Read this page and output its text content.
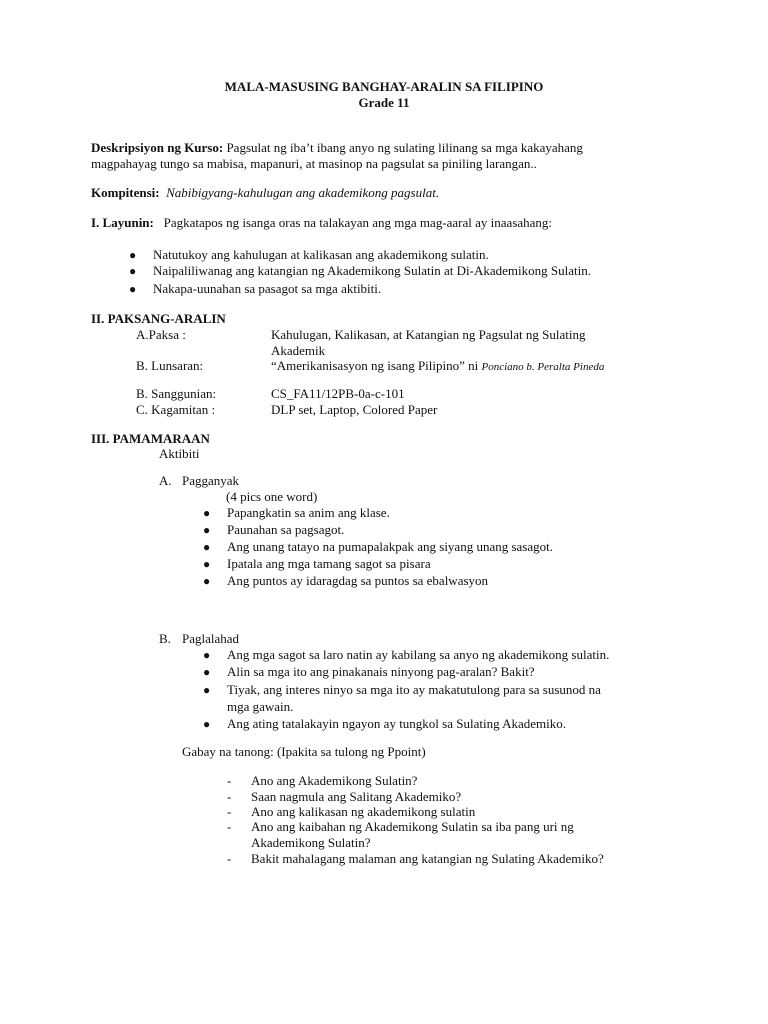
MALA-MASUSING BANGHAY-ARALIN SA FILIPINO
Grade 11
Deskripsiyon ng Kurso: Pagsulat ng iba’t ibang anyo ng sulating lilinang sa mga kakayahang
magpahayag tungo sa mabisa, mapanuri, at masinop na pagsulat sa piniling larangan..
Kompitensi: Nabibigyang-kahulugan ang akademikong pagsulat.
I. Layunin: Pagkatapos ng isanga oras na talakayan ang mga mag-aaral ay inaasahang:
● Natutukoy ang kahulugan at kalikasan ang akademikong sulatin.
● Naipaliliwanag ang katangian ng Akademikong Sulatin at Di-Akademikong Sulatin.
● Nakapa-uunahan sa pasagot sa mga aktibiti.
II. PAKSANG-ARALIN
A.Paksa :	Kahulugan, Kalikasan, at Katangian ng Pagsulat ng Sulating
Akademik
B. Lunsaran:	“Amerikanisasyon ng isang Pilipino” ni Ponciano b. Peralta Pineda
B. Sanggunian:	CS_FA11/12PB-0a-c-101
C. Kagamitan :	DLP set, Laptop, Colored Paper
III. PAMAMARAAN
Aktibiti
A. Pagganyak
(4 pics one word)
● Papangkatin sa anim ang klase.
● Paunahan sa pagsagot.
● Ang unang tatayo na pumapalakpak ang siyang unang sasagot.
● Ipatala ang mga tamang sagot sa pisara
● Ang puntos ay idaragdag sa puntos sa ebalwasyon
B. Paglalahad
● Ang mga sagot sa laro natin ay kabilang sa anyo ng akademikong sulatin.
● Alin sa mga ito ang pinakanais ninyong pag-aralan? Bakit?
● Tiyak, ang interes ninyo sa mga ito ay makatutulong para sa susunod na
mga gawain.
● Ang ating tatalakayin ngayon ay tungkol sa Sulating Akademiko.
Gabay na tanong: (Ipakita sa tulong ng Ppoint)
- Ano ang Akademikong Sulatin?
- Saan nagmula ang Salitang Akademiko?
- Ano ang kalikasan ng akademikong sulatin
- Ano ang kaibahan ng Akademikong Sulatin sa iba pang uri ng
Akademikong Sulatin?
- Bakit mahalagang malaman ang katangian ng Sulating Akademiko?
